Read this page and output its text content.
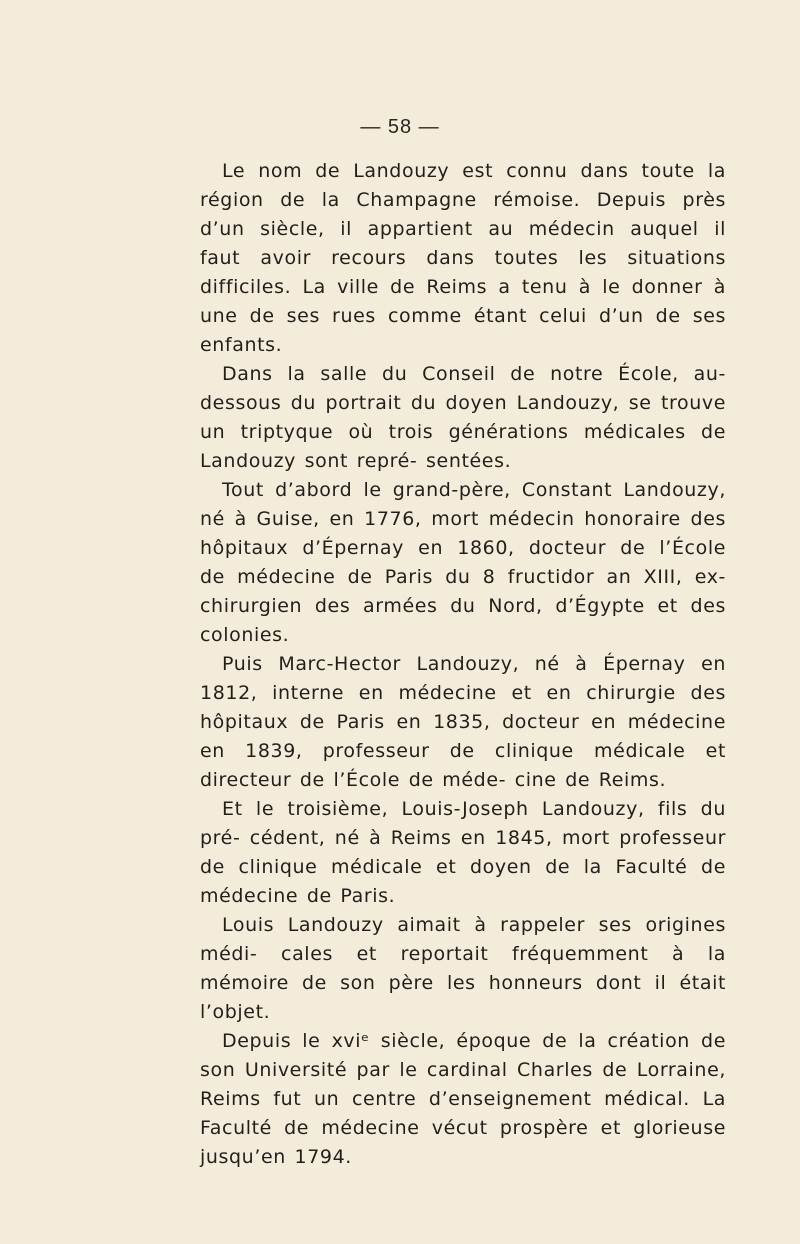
— 58 —

Le nom de Landouzy est connu dans toute la région de la Champagne rémoise. Depuis près d’un siècle, il appartient au médecin auquel il faut avoir recours dans toutes les situations difficiles. La ville de Reims a tenu à le donner à une de ses rues comme étant celui d’un de ses enfants.

Dans la salle du Conseil de notre École, au-dessous du portrait du doyen Landouzy, se trouve un triptyque où trois générations médicales de Landouzy sont repré- sentées.

Tout d’abord le grand-père, Constant Landouzy, né à Guise, en 1776, mort médecin honoraire des hôpitaux d’Épernay en 1860, docteur de l’École de médecine de Paris du 8 fructidor an XIII, ex-chirurgien des armées du Nord, d’Égypte et des colonies.

Puis Marc-Hector Landouzy, né à Épernay en 1812, interne en médecine et en chirurgie des hôpitaux de Paris en 1835, docteur en médecine en 1839, professeur de clinique médicale et directeur de l’École de méde- cine de Reims.

Et le troisième, Louis-Joseph Landouzy, fils du pré- cédent, né à Reims en 1845, mort professeur de clinique médicale et doyen de la Faculté de médecine de Paris.

Louis Landouzy aimait à rappeler ses origines médi- cales et reportait fréquemment à la mémoire de son père les honneurs dont il était l’objet.

Depuis le xviᵉ siècle, époque de la création de son Université par le cardinal Charles de Lorraine, Reims fut un centre d’enseignement médical. La Faculté de médecine vécut prospère et glorieuse jusqu’en 1794.
